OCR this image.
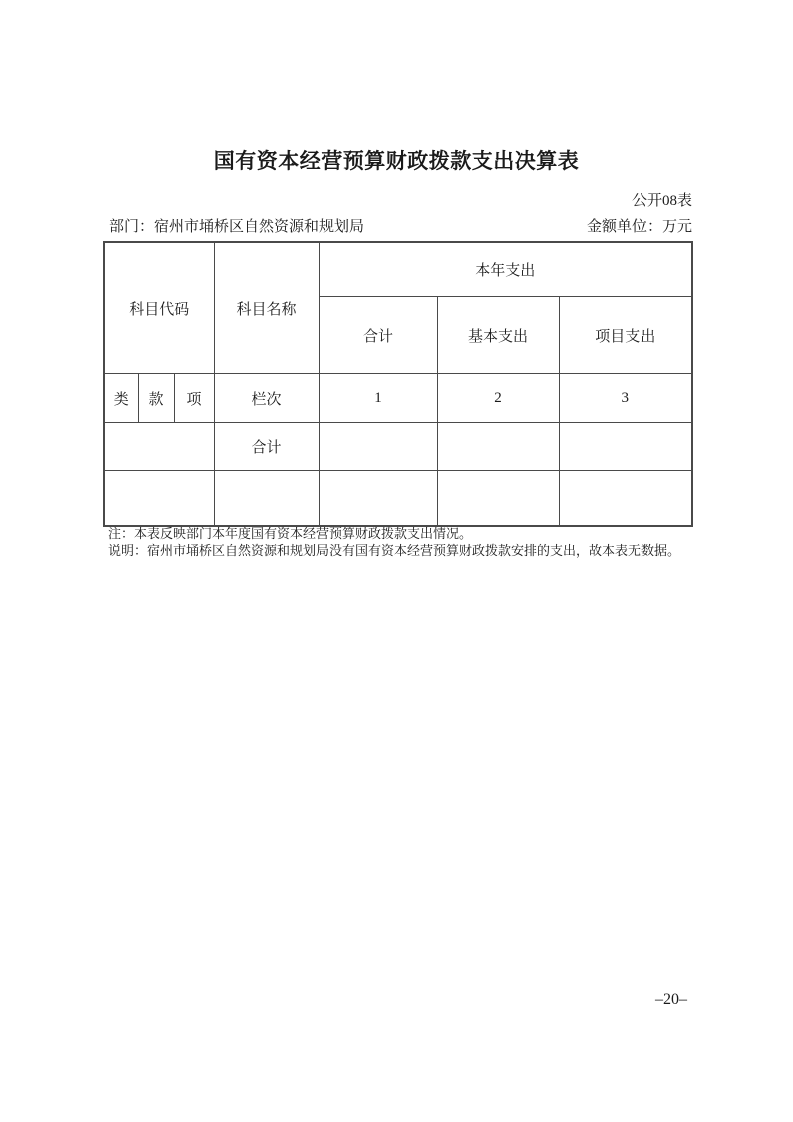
国有资本经营预算财政拨款支出决算表
公开08表
部门：宿州市埇桥区自然资源和规划局	金额单位：万元
科目代码			科目名称	本年支出		
				合计	基本支出	项目支出
类	款	项	栏次	1	2	3
			合计			

注：本表反映部门本年度国有资本经营预算财政拨款支出情况。
说明：宿州市埇桥区自然资源和规划局没有国有资本经营预算财政拨款安排的支出，故本表无数据。
–20–
